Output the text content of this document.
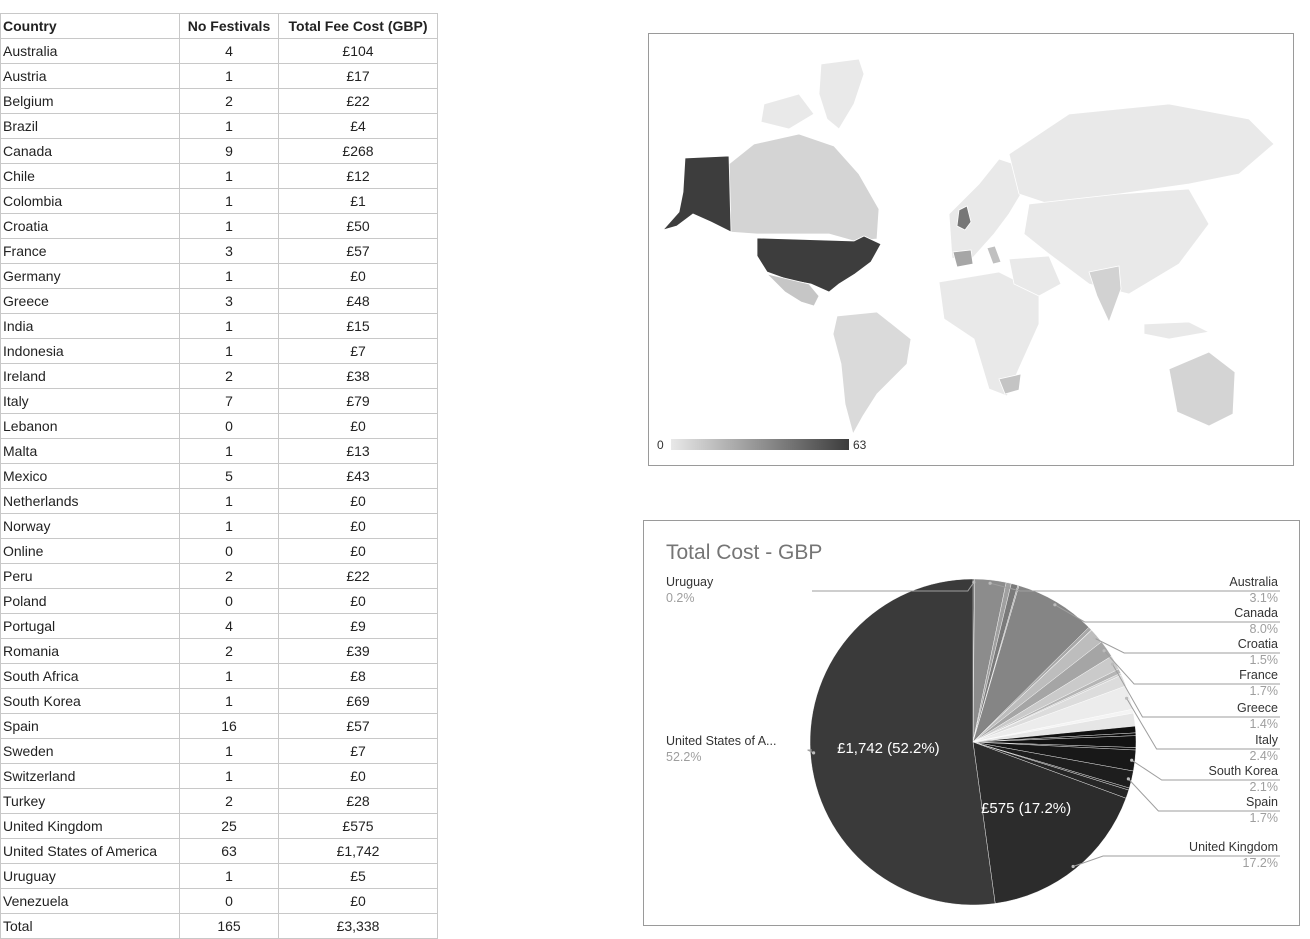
Country	No Festivals	Total Fee Cost (GBP)
Australia	4	£104
Austria	1	£17
Belgium	2	£22
Brazil	1	£4
Canada	9	£268
Chile	1	£12
Colombia	1	£1
Croatia	1	£50
France	3	£57
Germany	1	£0
Greece	3	£48
India	1	£15
Indonesia	1	£7
Ireland	2	£38
Italy	7	£79
Lebanon	0	£0
Malta	1	£13
Mexico	5	£43
Netherlands	1	£0
Norway	1	£0
Online	0	£0
Peru	2	£22
Poland	0	£0
Portugal	4	£9
Romania	2	£39
South Africa	1	£8
South Korea	1	£69
Spain	16	£57
Sweden	1	£7
Switzerland	1	£0
Turkey	2	£28
United Kingdom	25	£575
United States of America	63	£1,742
Uruguay	1	£5
Venezuela	0	£0
Total	165	£3,338
0	63
Total Cost - GBP
£1,742 (52.2%)
£575 (17.2%)
Uruguay
0.2%
United States of A...
52.2%
Australia
3.1%
Canada
8.0%
Croatia
1.5%
France
1.7%
Greece
1.4%
Italy
2.4%
South Korea
2.1%
Spain
1.7%
United Kingdom
17.2%
